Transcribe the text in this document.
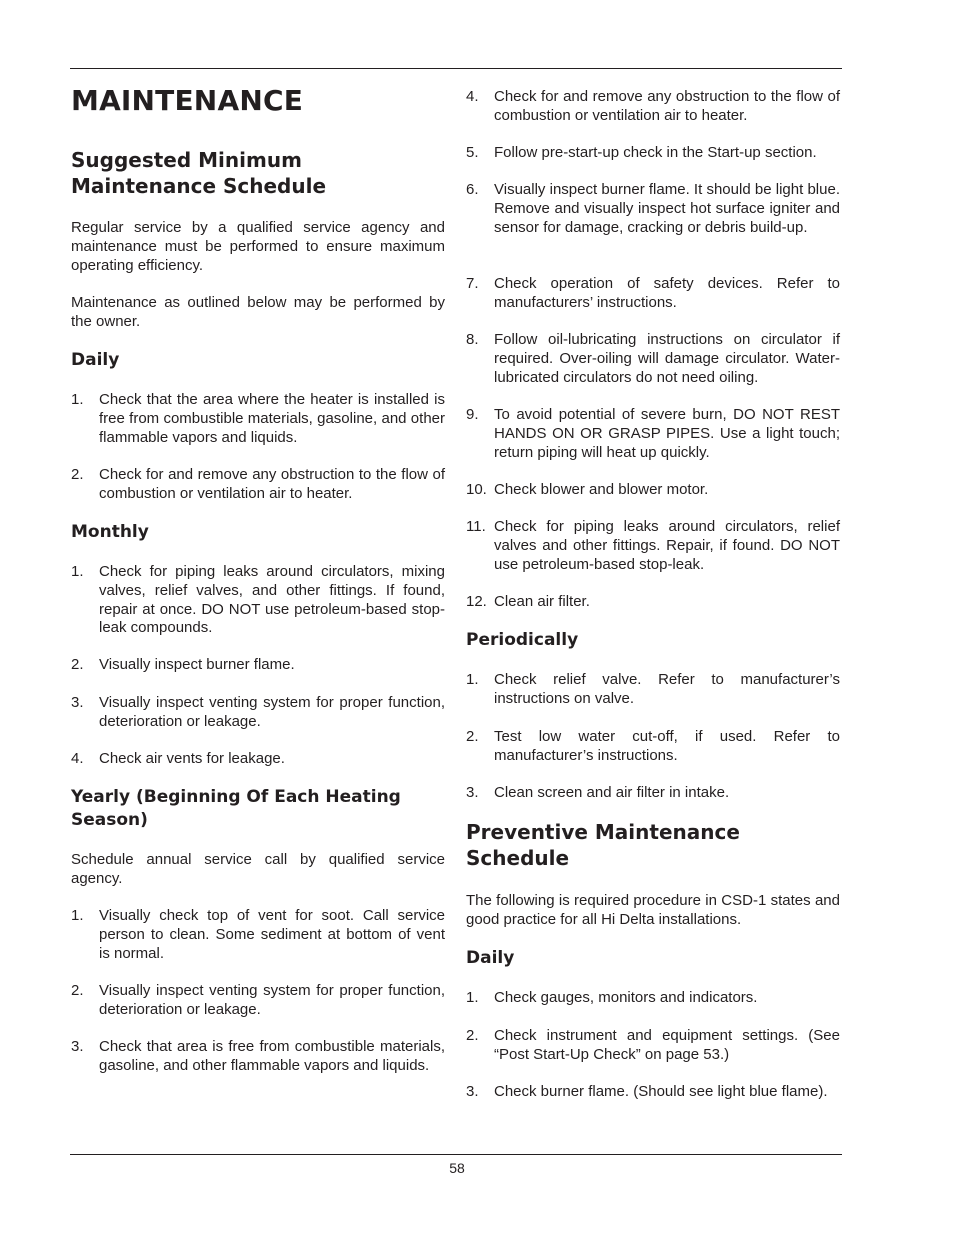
MAINTENANCE
Suggested Minimum
Maintenance Schedule

Regular service by a qualified service agency and maintenance must be performed to ensure maximum operating efficiency.

Maintenance as outlined below may be performed by the owner.

Daily
1.	Check that the area where the heater is installed is free from combustible materials, gasoline, and other flammable vapors and liquids.
2.	Check for and remove any obstruction to the flow of combustion or ventilation air to heater.
Monthly
1.	Check for piping leaks around circulators, mixing valves, relief valves, and other fittings. If found, repair at once. DO NOT use petroleum-based stop-leak compounds.
2.	Visually inspect burner flame.
3.	Visually inspect venting system for proper function, deterioration or leakage.
4.	Check air vents for leakage.
Yearly (Beginning Of Each Heating
Season)

Schedule annual service call by qualified service agency.

1.	Visually check top of vent for soot. Call service person to clean. Some sediment at bottom of vent is normal.
2.	Visually inspect venting system for proper function, deterioration or leakage.
3.	Check that area is free from combustible materials, gasoline, and other flammable vapors and liquids.
4.	Check for and remove any obstruction to the flow of combustion or ventilation air to heater.
5.	Follow pre-start-up check in the Start-up section.
6.	Visually inspect burner flame. It should be light blue. Remove and visually inspect hot surface igniter and sensor for damage, cracking or debris build-up.
7.	Check operation of safety devices. Refer to manufacturers’ instructions.
8.	Follow oil-lubricating instructions on circulator if required. Over-oiling will damage circulator. Water-lubricated circulators do not need oiling.
9.	To avoid potential of severe burn, DO NOT REST HANDS ON OR GRASP PIPES. Use a light touch; return piping will heat up quickly.
10. Check blower and blower motor.
11. Check for piping leaks around circulators, relief valves and other fittings. Repair, if found. DO NOT use petroleum-based stop-leak.
12. Clean air filter.
Periodically
1.	Check relief valve. Refer to manufacturer’s instructions on valve.
2.	Test low water cut-off, if used. Refer to manufacturer’s instructions.
3.	Clean screen and air filter in intake.
Preventive Maintenance
Schedule

The following is required procedure in CSD-1 states and good practice for all Hi Delta installations.

Daily
1.	Check gauges, monitors and indicators.
2.	Check instrument and equipment settings. (See “Post Start-Up Check” on page 53.)
3.	Check burner flame. (Should see light blue flame).
58
